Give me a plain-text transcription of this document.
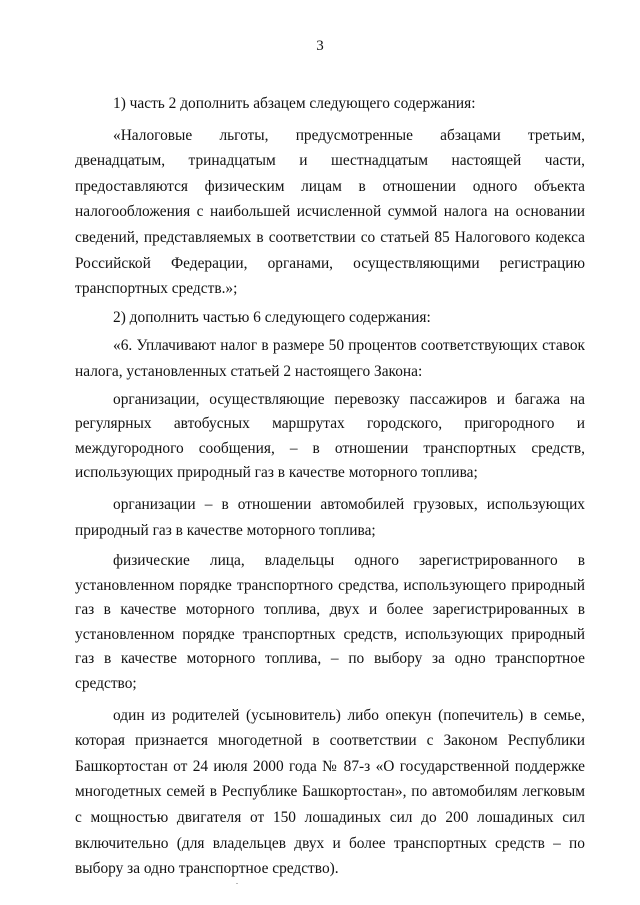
3

1) часть 2 дополнить абзацем следующего содержания:

«Налоговые льготы, предусмотренные абзацами третьим, двенадцатым, тринадцатым и шестнадцатым настоящей части, предоставляются физическим лицам в отношении одного объекта налогообложения с наибольшей исчисленной суммой налога на основании сведений, представляемых в соответствии со статьей 85 Налогового кодекса Российской Федерации, органами, осуществляющими регистрацию транспортных средств.»;

2) дополнить частью 6 следующего содержания:

«6. Уплачивают налог в размере 50 процентов соответствующих ставок налога, установленных статьей 2 настоящего Закона:

организации, осуществляющие перевозку пассажиров и багажа на регулярных автобусных маршрутах городского, пригородного и междугородного сообщения, – в отношении транспортных средств, использующих природный газ в качестве моторного топлива;

организации – в отношении автомобилей грузовых, использующих природный газ в качестве моторного топлива;

физические лица, владельцы одного зарегистрированного в установленном порядке транспортного средства, использующего природный газ в качестве моторного топлива, двух и более зарегистрированных в установленном порядке транспортных средств, использующих природный газ в качестве моторного топлива, – по выбору за одно транспортное средство;

один из родителей (усыновитель) либо опекун (попечитель) в семье, которая признается многодетной в соответствии с Законом Республики Башкортостан от 24 июля 2000 года № 87-з «О государственной поддержке многодетных семей в Республике Башкортостан», по автомобилям легковым с мощностью двигателя от 150 лошадиных сил до 200 лошадиных сил включительно (для владельцев двух и более транспортных средств – по выбору за одно транспортное средство).
